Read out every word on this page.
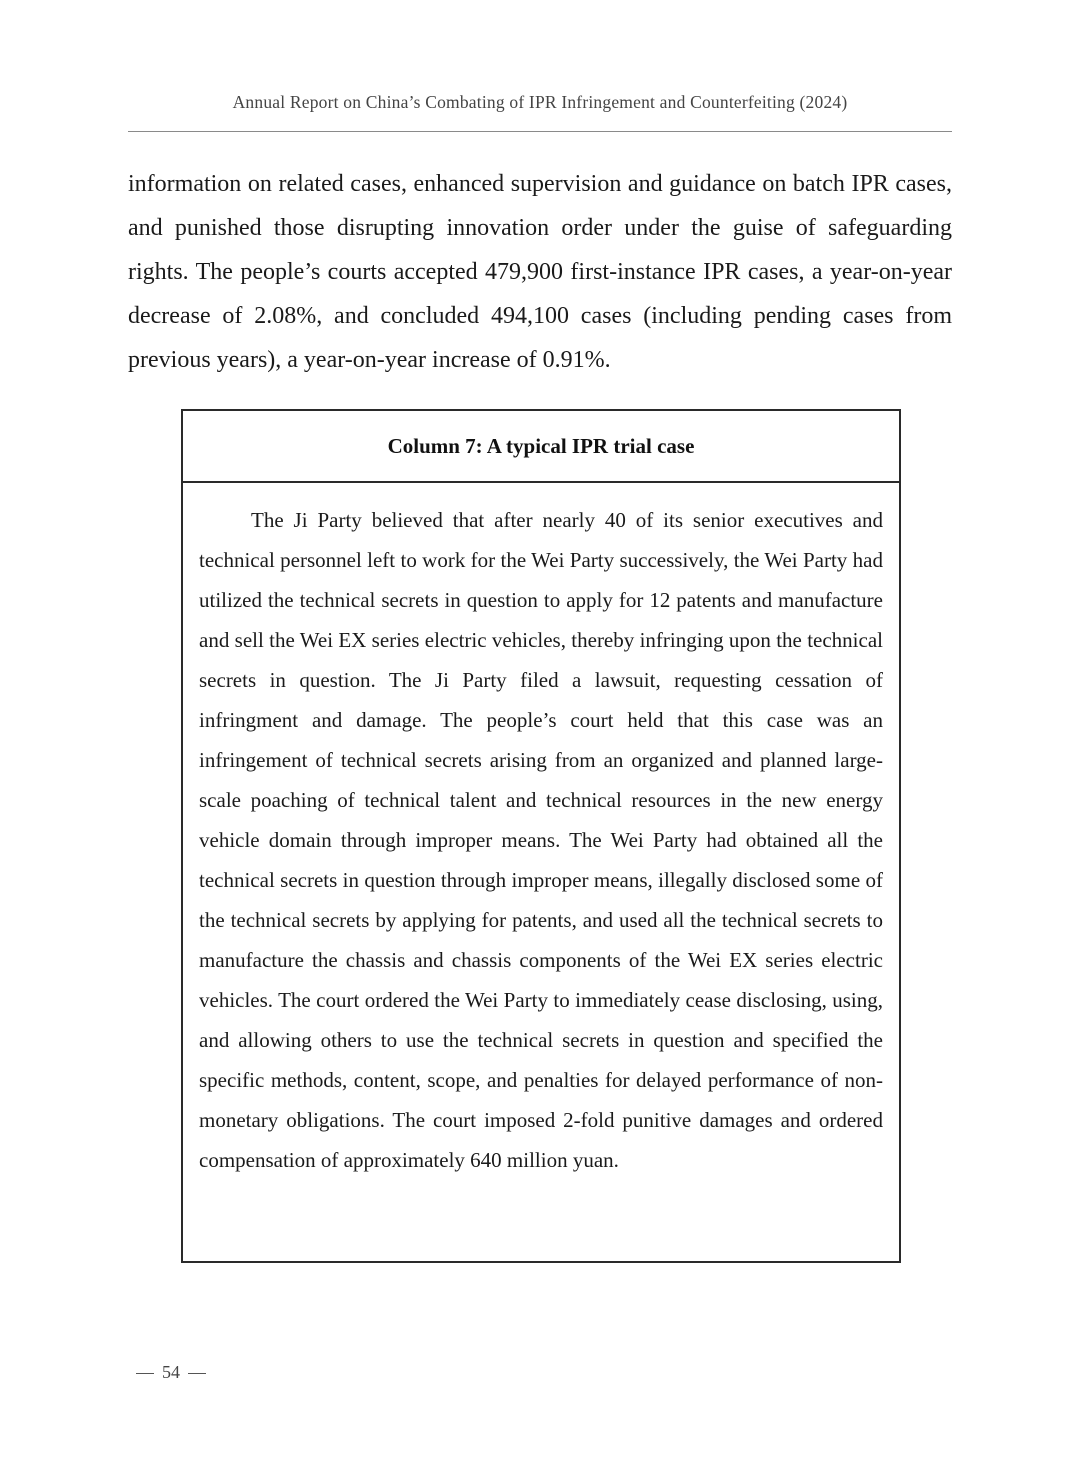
Annual Report on China’s Combating of IPR Infringement and Counterfeiting (2024)

information on related cases, enhanced supervision and guidance on batch IPR cases, and punished those disrupting innovation order under the guise of safeguarding rights. The people’s courts accepted 479,900 first-instance IPR cases, a year-on-year decrease of 2.08%, and concluded 494,100 cases (including pending cases from previous years), a year-on-year increase of 0.91%.

Column 7: A typical IPR trial case

The Ji Party believed that after nearly 40 of its senior executives and technical personnel left to work for the Wei Party successively, the Wei Party had utilized the technical secrets in question to apply for 12 patents and manufacture and sell the Wei EX series electric vehicles, thereby infringing upon the technical secrets in question. The Ji Party filed a lawsuit, requesting cessation of infringment and damage. The people’s court held that this case was an infringement of technical secrets arising from an organized and planned large-scale poaching of technical talent and technical resources in the new energy vehicle domain through improper means. The Wei Party had obtained all the technical secrets in question through improper means, illegally disclosed some of the technical secrets by applying for patents, and used all the technical secrets to manufacture the chassis and chassis components of the Wei EX series electric vehicles. The court ordered the Wei Party to immediately cease disclosing, using, and allowing others to use the technical secrets in question and specified the specific methods, content, scope, and penalties for delayed performance of non-monetary obligations. The court imposed 2-fold punitive damages and ordered compensation of approximately 640 million yuan.

54
